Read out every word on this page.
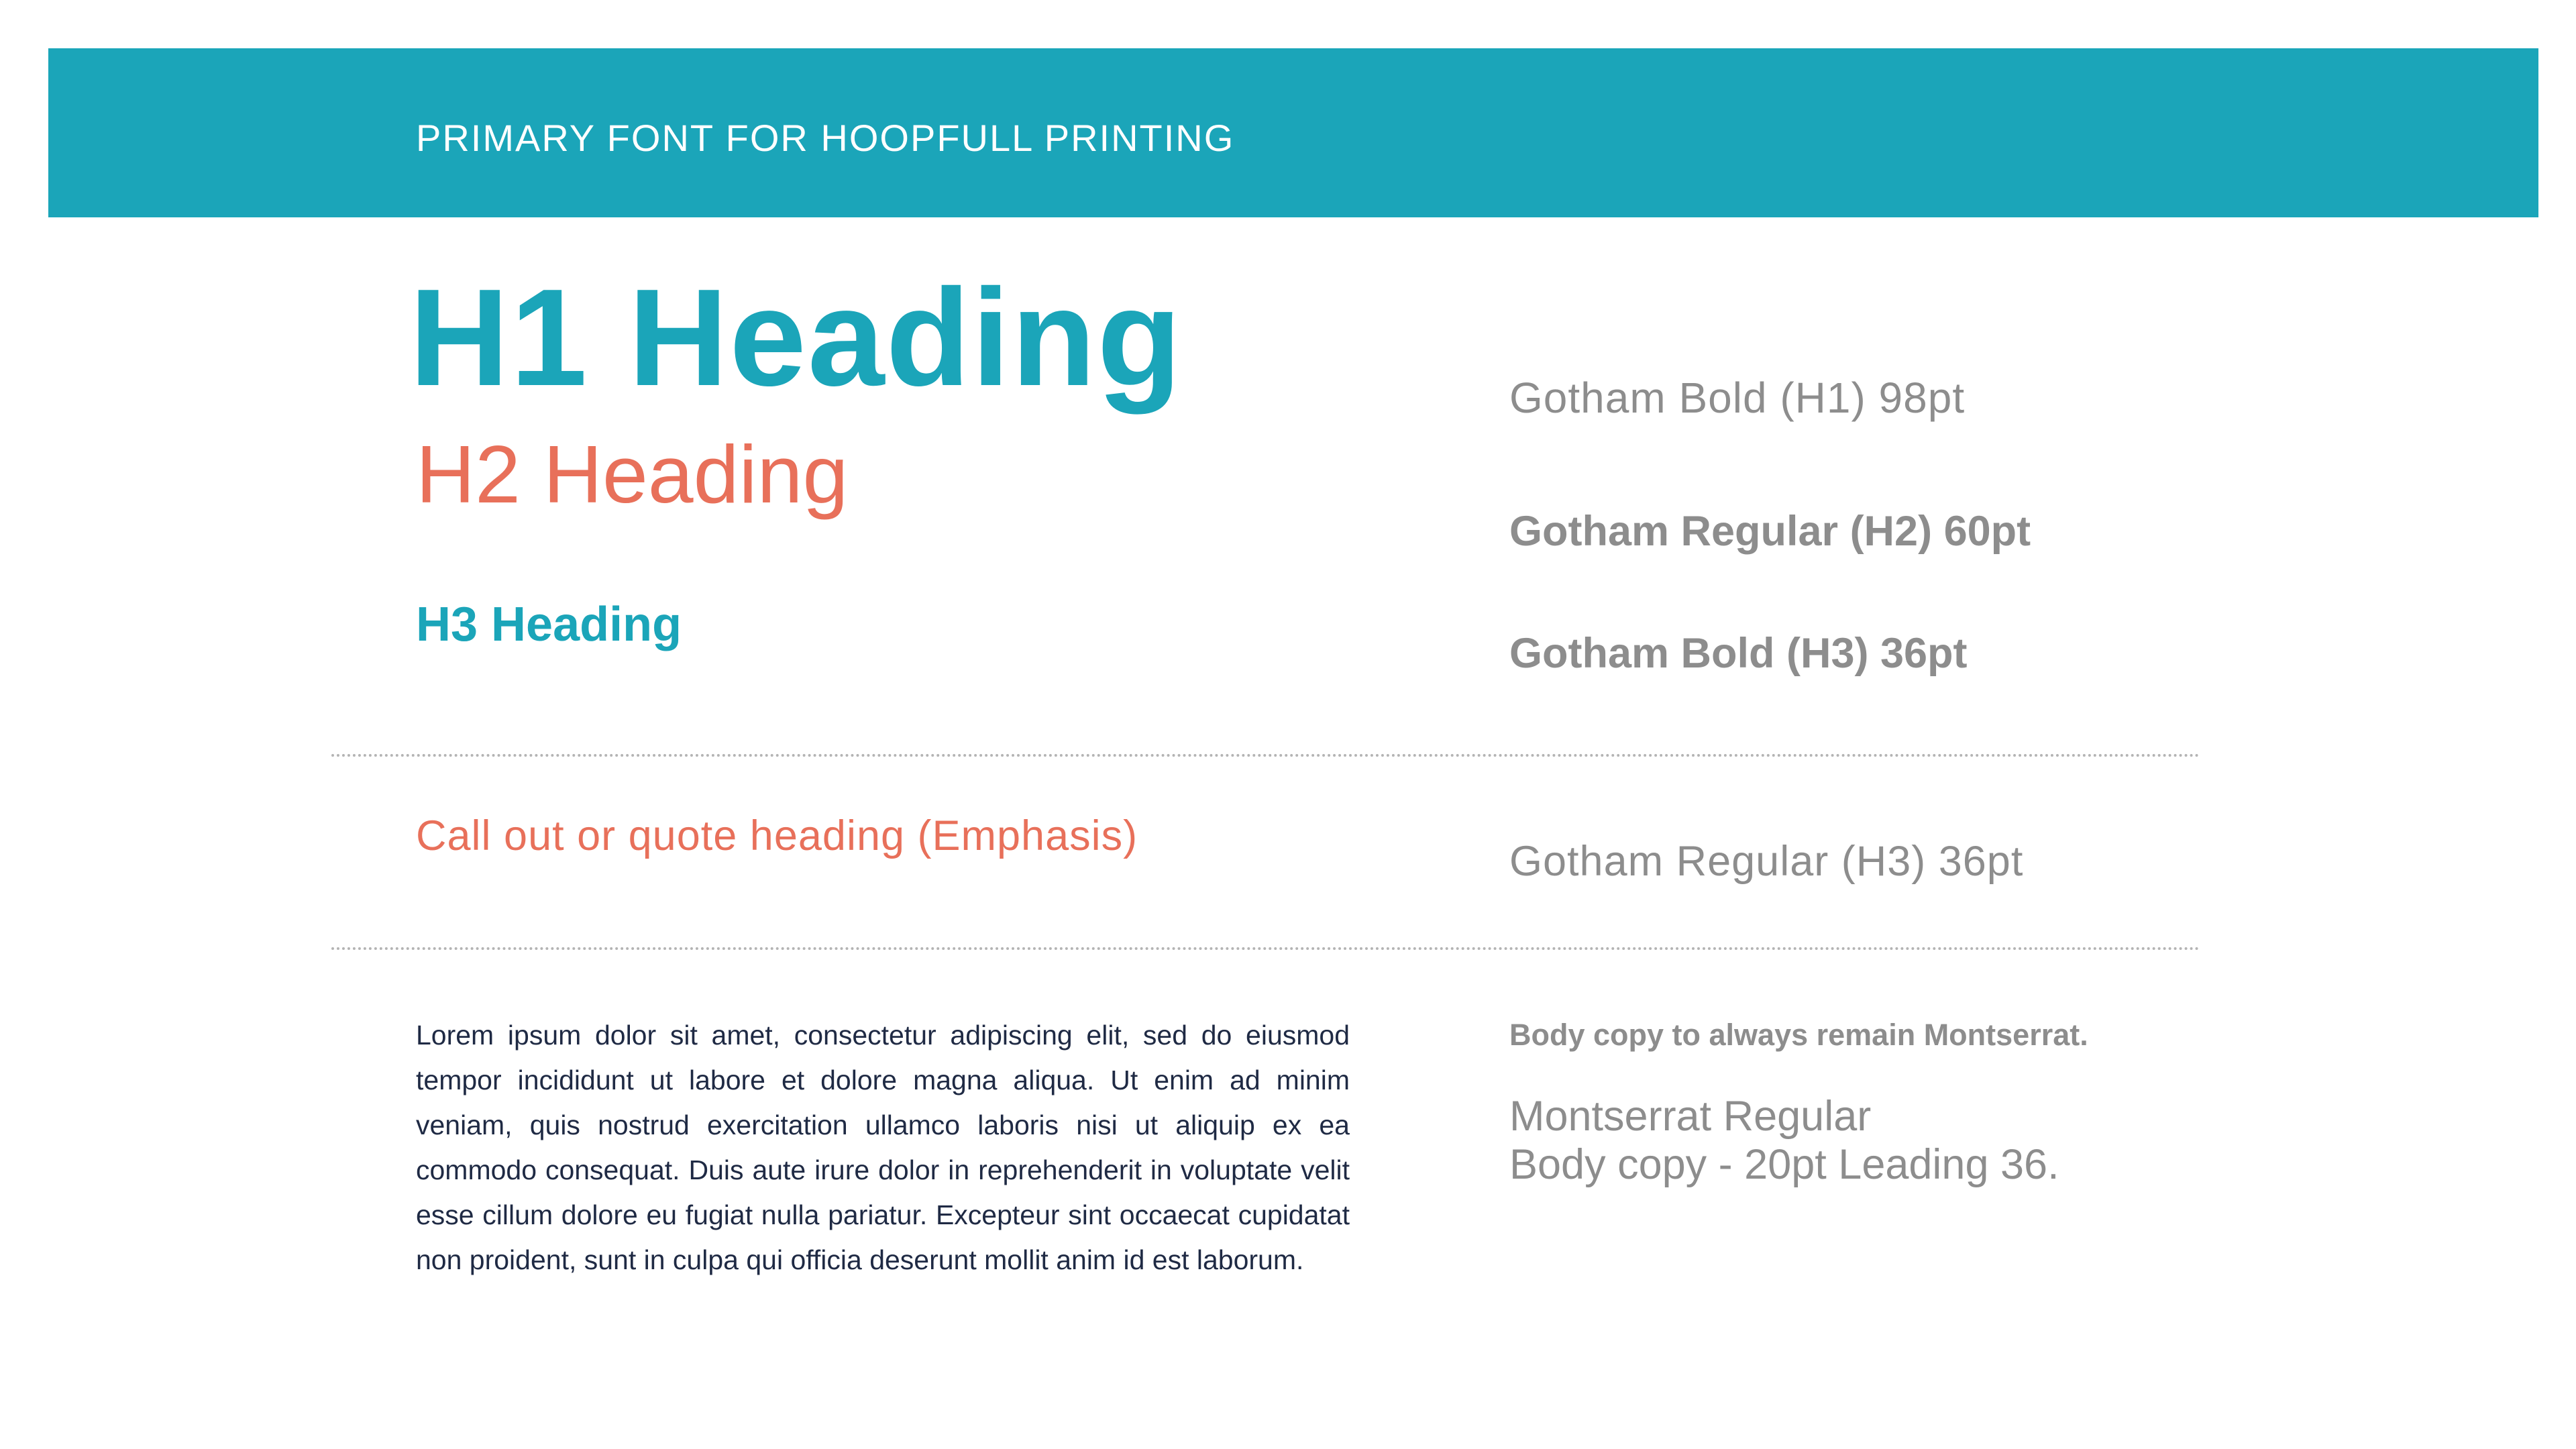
PRIMARY FONT FOR HOOPFULL PRINTING
H1 Heading
H2 Heading
H3 Heading
Gotham Bold (H1) 98pt
Gotham Regular (H2) 60pt
Gotham Bold (H3) 36pt
Call out or quote heading (Emphasis)
Gotham Regular (H3) 36pt
Lorem ipsum dolor sit amet, consectetur adipiscing elit, sed do eiusmod tempor incididunt ut labore et dolore magna aliqua. Ut enim ad minim veniam, quis nostrud exercitation ullamco laboris nisi ut aliquip ex ea commodo consequat. Duis aute irure dolor in reprehenderit in voluptate velit esse cillum dolore eu fugiat nulla pariatur. Excepteur sint occaecat cupidatat non proident, sunt in culpa qui officia deserunt mollit anim id est laborum.
Body copy to always remain Montserrat.
Montserrat Regular
Body copy - 20pt Leading 36.
